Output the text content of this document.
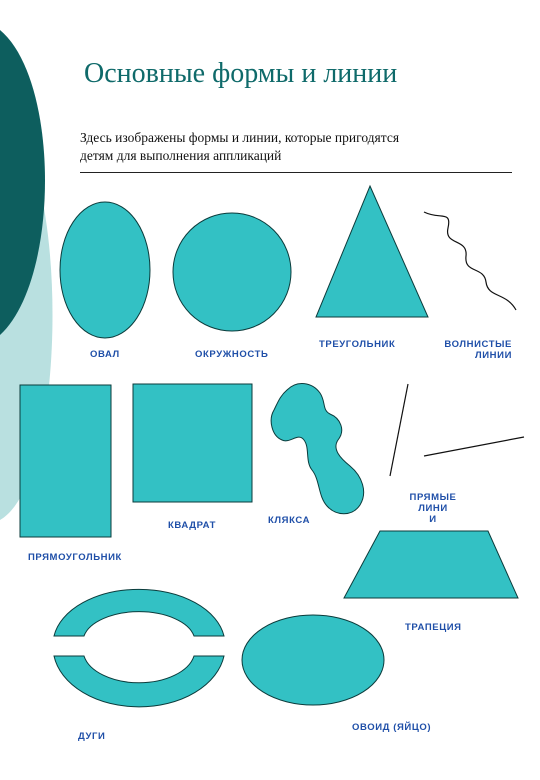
Основные формы и линии
Здесь изображены формы и линии, которые пригодятся
детям для выполнения аппликаций
ОВАЛ	ОКРУЖНОСТЬ
ТРЕУГОЛЬНИК	ВОЛНИСТЫЕ
ЛИНИИ
КВАДРАТ	КЛЯКСА
ПРЯМЫЕ
ЛИНИ
И
ПРЯМОУГОЛЬНИК
ТРАПЕЦИЯ
ДУГИ
ОВОИД (ЯЙЦО)
